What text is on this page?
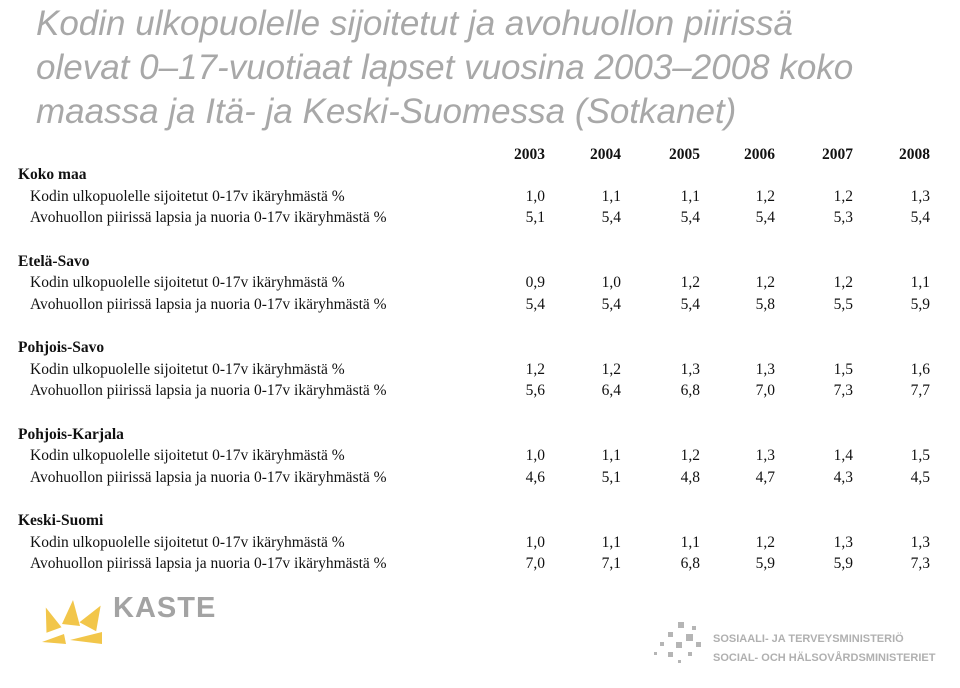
Kodin ulkopuolelle sijoitetut ja avohuollon piirissä
olevat 0–17-vuotiaat lapset vuosina 2003–2008 koko
maassa ja Itä- ja Keski-Suomessa (Sotkanet)
2003	2004	2005	2006	2007	2008
Koko maa
Kodin ulkopuolelle sijoitetut 0-17v ikäryhmästä %	1,0	1,1	1,1	1,2	1,2	1,3
Avohuollon piirissä lapsia ja nuoria 0-17v ikäryhmästä %	5,1	5,4	5,4	5,4	5,3	5,4
Etelä-Savo
Kodin ulkopuolelle sijoitetut 0-17v ikäryhmästä %	0,9	1,0	1,2	1,2	1,2	1,1
Avohuollon piirissä lapsia ja nuoria 0-17v ikäryhmästä %	5,4	5,4	5,4	5,8	5,5	5,9
Pohjois-Savo
Kodin ulkopuolelle sijoitetut 0-17v ikäryhmästä %	1,2	1,2	1,3	1,3	1,5	1,6
Avohuollon piirissä lapsia ja nuoria 0-17v ikäryhmästä %	5,6	6,4	6,8	7,0	7,3	7,7
Pohjois-Karjala
Kodin ulkopuolelle sijoitetut 0-17v ikäryhmästä %	1,0	1,1	1,2	1,3	1,4	1,5
Avohuollon piirissä lapsia ja nuoria 0-17v ikäryhmästä %	4,6	5,1	4,8	4,7	4,3	4,5
Keski-Suomi
Kodin ulkopuolelle sijoitetut 0-17v ikäryhmästä %	1,0	1,1	1,1	1,2	1,3	1,3
Avohuollon piirissä lapsia ja nuoria 0-17v ikäryhmästä %	7,0	7,1	6,8	5,9	5,9	7,3
KASTE
SOSIAALI- JA TERVEYSMINISTERIÖ
SOCIAL- OCH HÄLSOVÅRDSMINISTERIET
